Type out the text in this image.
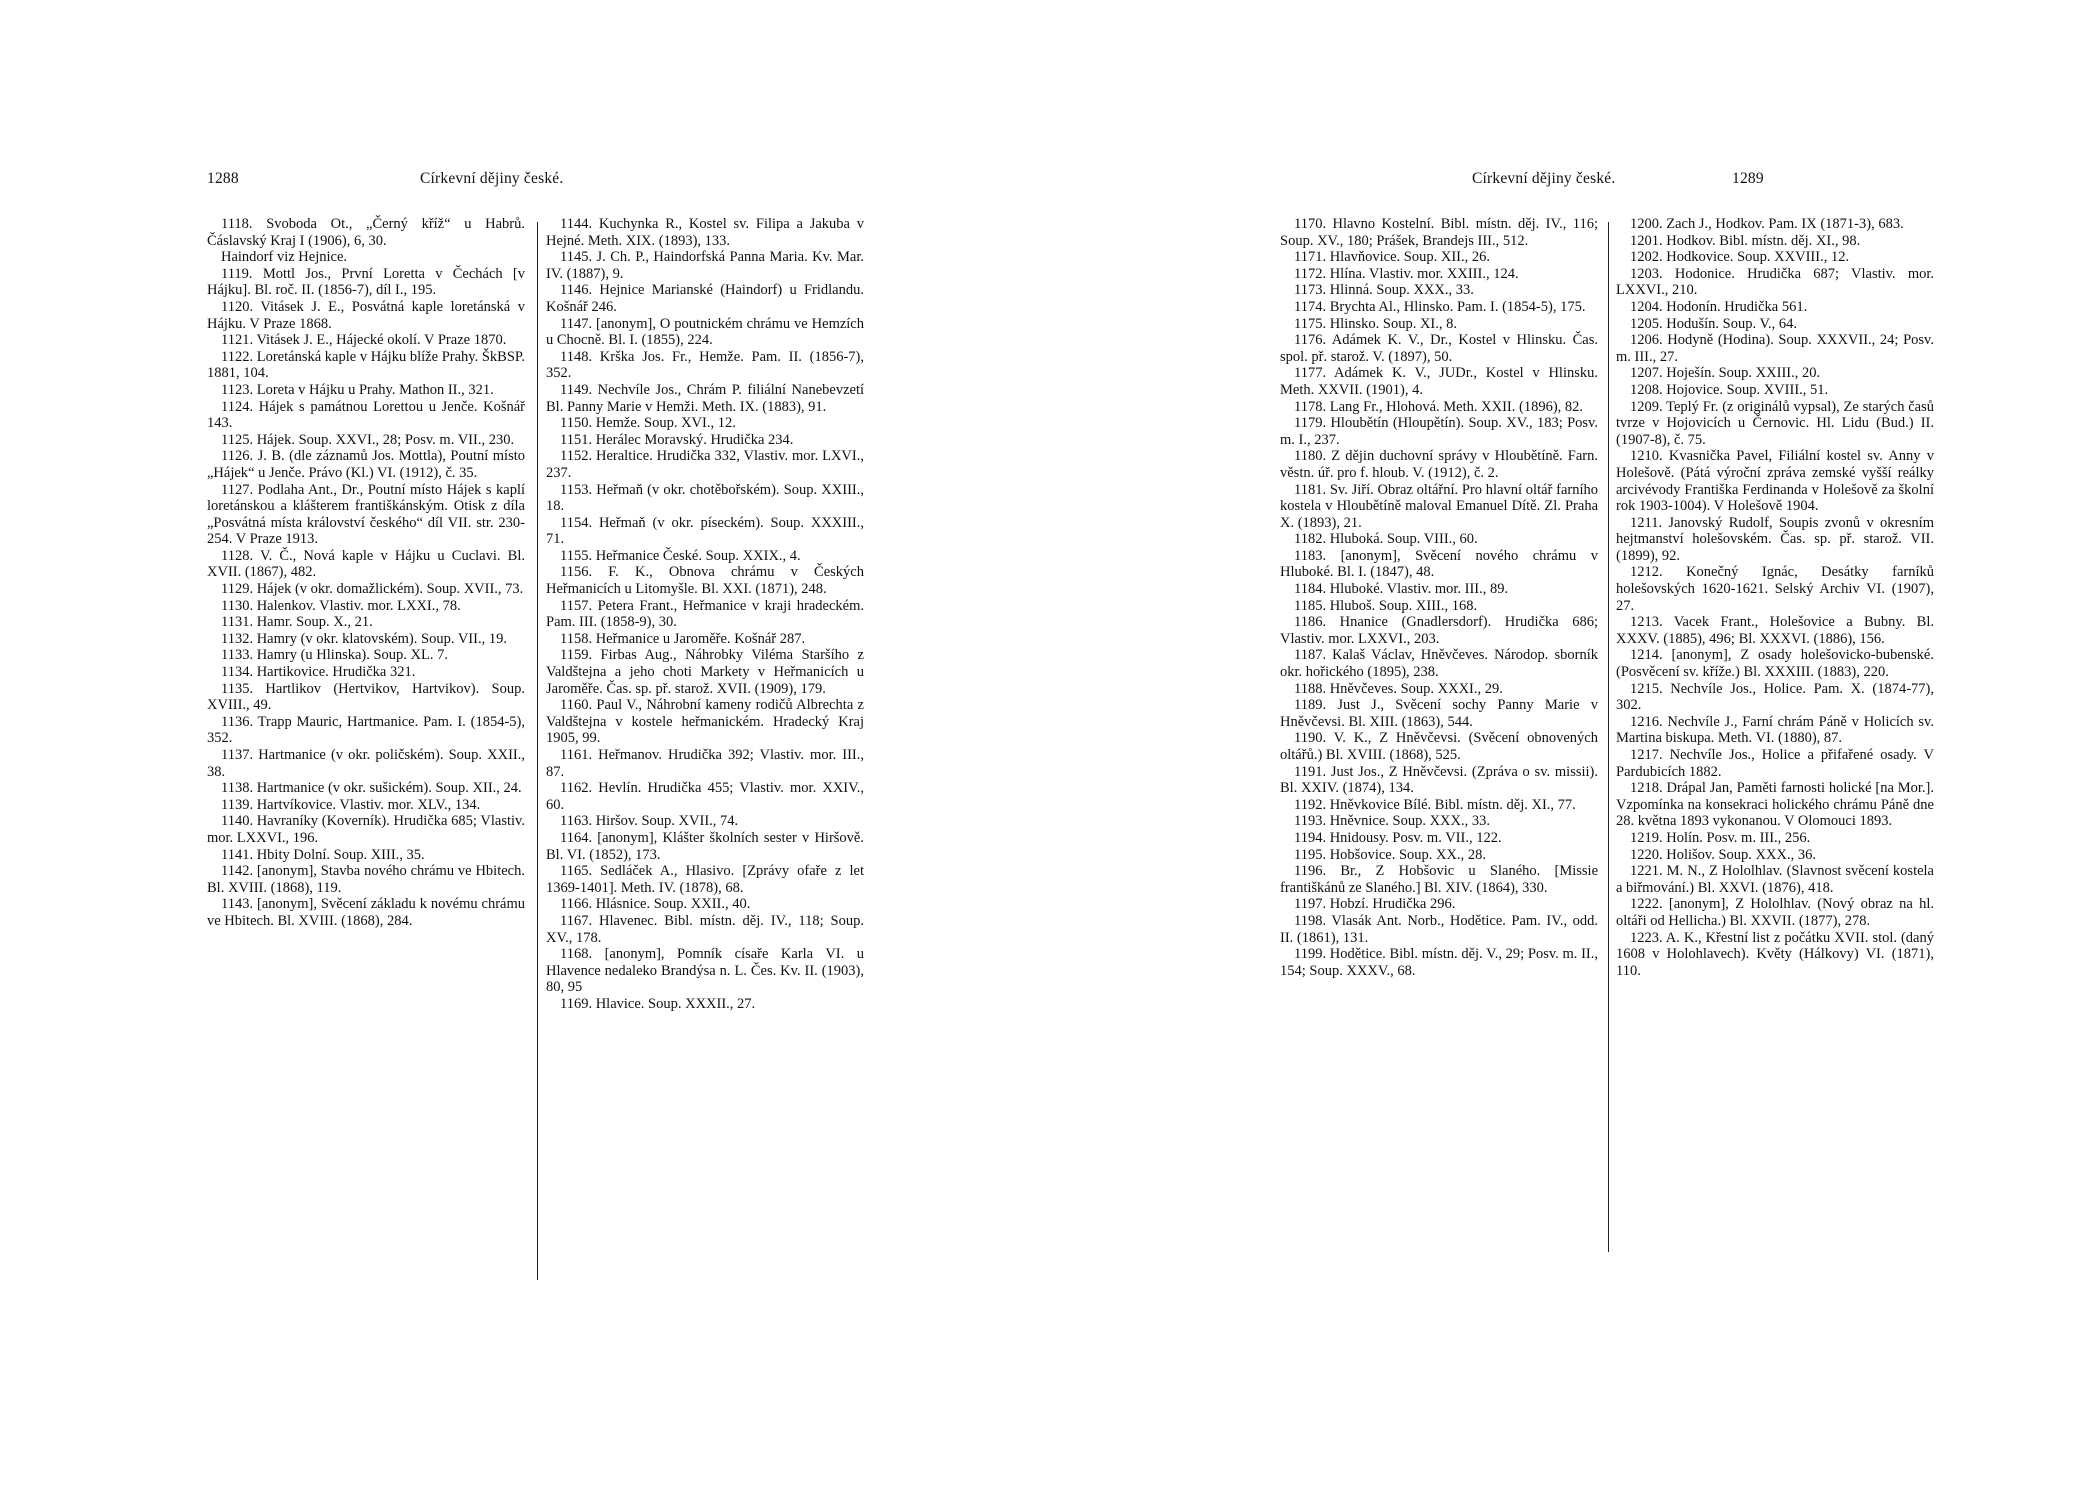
1288	Církevní dějiny české.

1118. Svoboda Ot., „Černý kříž“ u Habrů. Čáslavský Kraj I (1906), 6, 30.

Haindorf viz Hejnice.

1119. Mottl Jos., První Loretta v Čechách [v Hájku]. Bl. roč. II. (1856-7), díl I., 195.

1120. Vitásek J. E., Posvátná kaple loretánská v Hájku. V Praze 1868.

1121. Vitásek J. E., Hájecké okolí. V Praze 1870.

1122. Loretánská kaple v Hájku blíže Prahy. ŠkBSP. 1881, 104.

1123. Loreta v Hájku u Prahy. Mathon II., 321.

1124. Hájek s památnou Lorettou u Jenče. Košnář 143.

1125. Hájek. Soup. XXVI., 28; Posv. m. VII., 230.

1126. J. B. (dle záznamů Jos. Mottla), Poutní místo „Hájek“ u Jenče. Právo (Kl.) VI. (1912), č. 35.

1127. Podlaha Ant., Dr., Poutní místo Hájek s kaplí loretánskou a klášterem františkánským. Otisk z díla „Posvátná místa království českého“ díl VII. str. 230-254. V Praze 1913.

1128. V. Č., Nová kaple v Hájku u Cuclavi. Bl. XVII. (1867), 482.

1129. Hájek (v okr. domažlickém). Soup. XVII., 73.

1130. Halenkov. Vlastiv. mor. LXXI., 78.

1131. Hamr. Soup. X., 21.

1132. Hamry (v okr. klatovském). Soup. VII., 19.

1133. Hamry (u Hlinska). Soup. XL. 7.

1134. Hartikovice. Hrudička 321.

1135. Hartlikov (Hertvikov, Hartvikov). Soup. XVIII., 49.

1136. Trapp Mauric, Hartmanice. Pam. I. (1854-5), 352.

1137. Hartmanice (v okr. poličském). Soup. XXII., 38.

1138. Hartmanice (v okr. sušickém). Soup. XII., 24.

1139. Hartvíkovice. Vlastiv. mor. XLV., 134.

1140. Havraníky (Koverník). Hrudička 685; Vlastiv. mor. LXXVI., 196.

1141. Hbity Dolní. Soup. XIII., 35.

1142. [anonym], Stavba nového chrámu ve Hbitech. Bl. XVIII. (1868), 119.

1143. [anonym], Svěcení základu k novému chrámu ve Hbitech. Bl. XVIII. (1868), 284.

1144. Kuchynka R., Kostel sv. Filipa a Jakuba v Hejné. Meth. XIX. (1893), 133.

1145. J. Ch. P., Haindorfská Panna Maria. Kv. Mar. IV. (1887), 9.

1146. Hejnice Marianské (Haindorf) u Fridlandu. Košnář 246.

1147. [anonym], O poutnickém chrámu ve Hemzích u Chocně. Bl. I. (1855), 224.

1148. Krška Jos. Fr., Hemže. Pam. II. (1856-7), 352.

1149. Nechvíle Jos., Chrám P. filiální Nanebevzetí Bl. Panny Marie v Hemži. Meth. IX. (1883), 91.

1150. Hemže. Soup. XVI., 12.

1151. Herálec Moravský. Hrudička 234.

1152. Heraltice. Hrudička 332, Vlastiv. mor. LXVI., 237.

1153. Heřmaň (v okr. chotěbořském). Soup. XXIII., 18.

1154. Heřmaň (v okr. píseckém). Soup. XXXIII., 71.

1155. Heřmanice České. Soup. XXIX., 4.

1156. F. K., Obnova chrámu v Českých Heřmanicích u Litomyšle. Bl. XXI. (1871), 248.

1157. Petera Frant., Heřmanice v kraji hradeckém. Pam. III. (1858-9), 30.

1158. Heřmanice u Jaroměře. Košnář 287.

1159. Firbas Aug., Náhrobky Viléma Staršího z Valdštejna a jeho choti Markety v Heřmanicích u Jaroměře. Čas. sp. př. starož. XVII. (1909), 179.

1160. Paul V., Náhrobní kameny rodičů Albrechta z Valdštejna v kostele heřmanickém. Hradecký Kraj 1905, 99.

1161. Heřmanov. Hrudička 392; Vlastiv. mor. III., 87.

1162. Hevlín. Hrudička 455; Vlastiv. mor. XXIV., 60.

1163. Hiršov. Soup. XVII., 74.

1164. [anonym], Klášter školních sester v Hiršově. Bl. VI. (1852), 173.

1165. Sedláček A., Hlasivo. [Zprávy ofaře z let 1369-1401]. Meth. IV. (1878), 68.

1166. Hlásnice. Soup. XXII., 40.

1167. Hlavenec. Bibl. místn. děj. IV., 118; Soup. XV., 178.

1168. [anonym], Pomník císaře Karla VI. u Hlavence nedaleko Brandýsa n. L. Čes. Kv. II. (1903), 80, 95

1169. Hlavice. Soup. XXXII., 27.

Církevní dějiny české.	1289

1170. Hlavno Kostelní. Bibl. místn. děj. IV., 116; Soup. XV., 180; Prášek, Brandejs III., 512.

1171. Hlavňovice. Soup. XII., 26.

1172. Hlína. Vlastiv. mor. XXIII., 124.

1173. Hlinná. Soup. XXX., 33.

1174. Brychta Al., Hlinsko. Pam. I. (1854-5), 175.

1175. Hlinsko. Soup. XI., 8.

1176. Adámek K. V., Dr., Kostel v Hlinsku. Čas. spol. př. starož. V. (1897), 50.

1177. Adámek K. V., JUDr., Kostel v Hlinsku. Meth. XXVII. (1901), 4.

1178. Lang Fr., Hlohová. Meth. XXII. (1896), 82.

1179. Hloubětín (Hloupětín). Soup. XV., 183; Posv. m. I., 237.

1180. Z dějin duchovní správy v Hloubětíně. Farn. věstn. úř. pro f. hloub. V. (1912), č. 2.

1181. Sv. Jiří. Obraz oltářní. Pro hlavní oltář farního kostela v Hloubětíně maloval Emanuel Dítě. Zl. Praha X. (1893), 21.

1182. Hluboká. Soup. VIII., 60.

1183. [anonym], Svěcení nového chrámu v Hluboké. Bl. I. (1847), 48.

1184. Hluboké. Vlastiv. mor. III., 89.

1185. Hluboš. Soup. XIII., 168.

1186. Hnanice (Gnadlersdorf). Hrudička 686; Vlastiv. mor. LXXVI., 203.

1187. Kalaš Václav, Hněvčeves. Národop. sborník okr. hořického (1895), 238.

1188. Hněvčeves. Soup. XXXI., 29.

1189. Just J., Svěcení sochy Panny Marie v Hněvčevsi. Bl. XIII. (1863), 544.

1190. V. K., Z Hněvčevsi. (Svěcení obnovených oltářů.) Bl. XVIII. (1868), 525.

1191. Just Jos., Z Hněvčevsi. (Zpráva o sv. missii). Bl. XXIV. (1874), 134.

1192. Hněvkovice Bílé. Bibl. místn. děj. XI., 77.

1193. Hněvnice. Soup. XXX., 33.

1194. Hnidousy. Posv. m. VII., 122.

1195. Hobšovice. Soup. XX., 28.

1196. Br., Z Hobšovic u Slaného. [Missie františkánů ze Slaného.] Bl. XIV. (1864), 330.

1197. Hobzí. Hrudička 296.

1198. Vlasák Ant. Norb., Hodětice. Pam. IV., odd. II. (1861), 131.

1199. Hodětice. Bibl. místn. děj. V., 29; Posv. m. II., 154; Soup. XXXV., 68.

1200. Zach J., Hodkov. Pam. IX (1871-3), 683.

1201. Hodkov. Bibl. místn. děj. XI., 98.

1202. Hodkovice. Soup. XXVIII., 12.

1203. Hodonice. Hrudička 687; Vlastiv. mor. LXXVI., 210.

1204. Hodonín. Hrudička 561.

1205. Hodušín. Soup. V., 64.

1206. Hodyně (Hodina). Soup. XXXVII., 24; Posv. m. III., 27.

1207. Hoješín. Soup. XXIII., 20.

1208. Hojovice. Soup. XVIII., 51.

1209. Teplý Fr. (z originálů vypsal), Ze starých časů tvrze v Hojovicích u Černovic. Hl. Lidu (Bud.) II. (1907-8), č. 75.

1210. Kvasnička Pavel, Filiální kostel sv. Anny v Holešově. (Pátá výroční zpráva zemské vyšší reálky arcivévody Františka Ferdinanda v Holešově za školní rok 1903-1004). V Holešově 1904.

1211. Janovský Rudolf, Soupis zvonů v okresním hejtmanství holešovském. Čas. sp. př. starož. VII. (1899), 92.

1212. Konečný Ignác, Desátky farníků holešovských 1620-1621. Selský Archiv VI. (1907), 27.

1213. Vacek Frant., Holešovice a Bubny. Bl. XXXV. (1885), 496; Bl. XXXVI. (1886), 156.

1214. [anonym], Z osady holešovicko-bubenské. (Posvěcení sv. kříže.) Bl. XXXIII. (1883), 220.

1215. Nechvíle Jos., Holice. Pam. X. (1874-77), 302.

1216. Nechvíle J., Farní chrám Páně v Holicích sv. Martina biskupa. Meth. VI. (1880), 87.

1217. Nechvíle Jos., Holice a přifařené osady. V Pardubicích 1882.

1218. Drápal Jan, Paměti farnosti holické [na Mor.]. Vzpomínka na konsekraci holického chrámu Páně dne 28. května 1893 vykonanou. V Olomouci 1893.

1219. Holín. Posv. m. III., 256.

1220. Holišov. Soup. XXX., 36.

1221. M. N., Z Hololhlav. (Slavnost svěcení kostela a biřmování.) Bl. XXVI. (1876), 418.

1222. [anonym], Z Hololhlav. (Nový obraz na hl. oltáři od Hellicha.) Bl. XXVII. (1877), 278.

1223. A. K., Křestní list z počátku XVII. stol. (daný 1608 v Holohlavech). Květy (Hálkovy) VI. (1871), 110.
